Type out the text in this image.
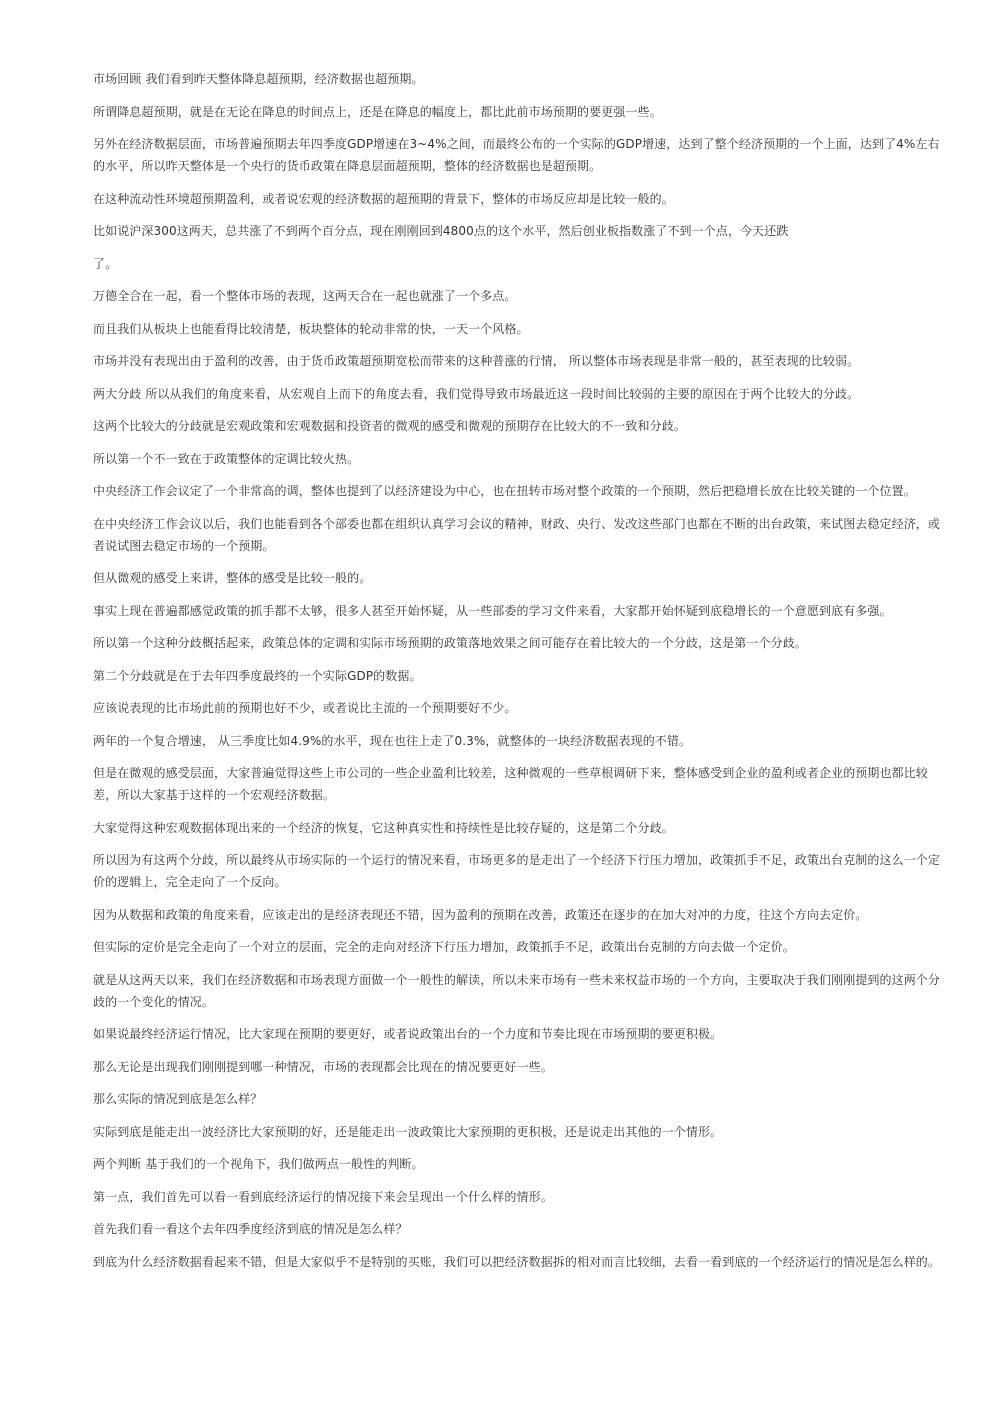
市场回顾 我们看到昨天整体降息超预期，经济数据也超预期。

所谓降息超预期，就是在无论在降息的时间点上，还是在降息的幅度上，都比此前市场预期的要更强一些。

另外在经济数据层面，市场普遍预期去年四季度GDP增速在3~4%之间，而最终公布的一个实际的GDP增速，达到了整个经济预期的一个上面，达到了4%左右的水平，所以昨天整体是一个央行的货币政策在降息层面超预期，整体的经济数据也是超预期。

在这种流动性环境超预期盈利，或者说宏观的经济数据的超预期的背景下，整体的市场反应却是比较一般的。

比如说沪深300这两天，总共涨了不到两个百分点，现在刚刚回到4800点的这个水平，然后创业板指数涨了不到一个点，今天还跌

了。

万德全合在一起，看一个整体市场的表现，这两天合在一起也就涨了一个多点。

而且我们从板块上也能看得比较清楚，板块整体的轮动非常的快，一天一个风格。

市场并没有表现出由于盈利的改善，由于货币政策超预期宽松而带来的这种普涨的行情， 所以整体市场表现是非常一般的，甚至表现的比较弱。

两大分歧 所以从我们的角度来看，从宏观自上而下的角度去看，我们觉得导致市场最近这一段时间比较弱的主要的原因在于两个比较大的分歧。

这两个比较大的分歧就是宏观政策和宏观数据和投资者的微观的感受和微观的预期存在比较大的不一致和分歧。

所以第一个不一致在于政策整体的定调比较火热。

中央经济工作会议定了一个非常高的调，整体也提到了以经济建设为中心，也在扭转市场对整个政策的一个预期，然后把稳增长放在比较关键的一个位置。

在中央经济工作会议以后，我们也能看到各个部委也都在组织认真学习会议的精神，财政、央行、发改这些部门也都在不断的出台政策，来试图去稳定经济，或者说试图去稳定市场的一个预期。

但从微观的感受上来讲，整体的感受是比较一般的。

事实上现在普遍都感觉政策的抓手都不太够，很多人甚至开始怀疑，从一些部委的学习文件来看，大家都开始怀疑到底稳增长的一个意愿到底有多强。

所以第一个这种分歧概括起来，政策总体的定调和实际市场预期的政策落地效果之间可能存在着比较大的一个分歧，这是第一个分歧。

第二个分歧就是在于去年四季度最终的一个实际GDP的数据。

应该说表现的比市场此前的预期也好不少，或者说比主流的一个预期要好不少。

两年的一个复合增速， 从三季度比如4.9%的水平，现在也往上走了0.3%，就整体的一块经济数据表现的不错。

但是在微观的感受层面，大家普遍觉得这些上市公司的一些企业盈利比较差，这种微观的一些草根调研下来，整体感受到企业的盈利或者企业的预期也都比较差，所以大家基于这样的一个宏观经济数据。

大家觉得这种宏观数据体现出来的一个经济的恢复，它这种真实性和持续性是比较存疑的，这是第二个分歧。

所以因为有这两个分歧，所以最终从市场实际的一个运行的情况来看，市场更多的是走出了一个经济下行压力增加，政策抓手不足，政策出台克制的这么一个定价的逻辑上，完全走向了一个反向。

因为从数据和政策的角度来看，应该走出的是经济表现还不错，因为盈利的预期在改善，政策还在逐步的在加大对冲的力度，往这个方向去定价。

但实际的定价是完全走向了一个对立的层面，完全的走向对经济下行压力增加，政策抓手不足，政策出台克制的方向去做一个定价。

就是从这两天以来，我们在经济数据和市场表现方面做一个一般性的解读，所以未来市场有一些未来权益市场的一个方向，主要取决于我们刚刚提到的这两个分歧的一个变化的情况。

如果说最终经济运行情况，比大家现在预期的要更好，或者说政策出台的一个力度和节奏比现在市场预期的要更积极。

那么无论是出现我们刚刚提到哪一种情况，市场的表现都会比现在的情况要更好一些。

那么实际的情况到底是怎么样？

实际到底是能走出一波经济比大家预期的好，还是能走出一波政策比大家预期的更积极，还是说走出其他的一个情形。

两个判断 基于我们的一个视角下，我们做两点一般性的判断。

第一点，我们首先可以看一看到底经济运行的情况接下来会呈现出一个什么样的情形。

首先我们看一看这个去年四季度经济到底的情况是怎么样？

到底为什么经济数据看起来不错，但是大家似乎不是特别的买账，我们可以把经济数据拆的相对而言比较细，去看一看到底的一个经济运行的情况是怎么样的。
